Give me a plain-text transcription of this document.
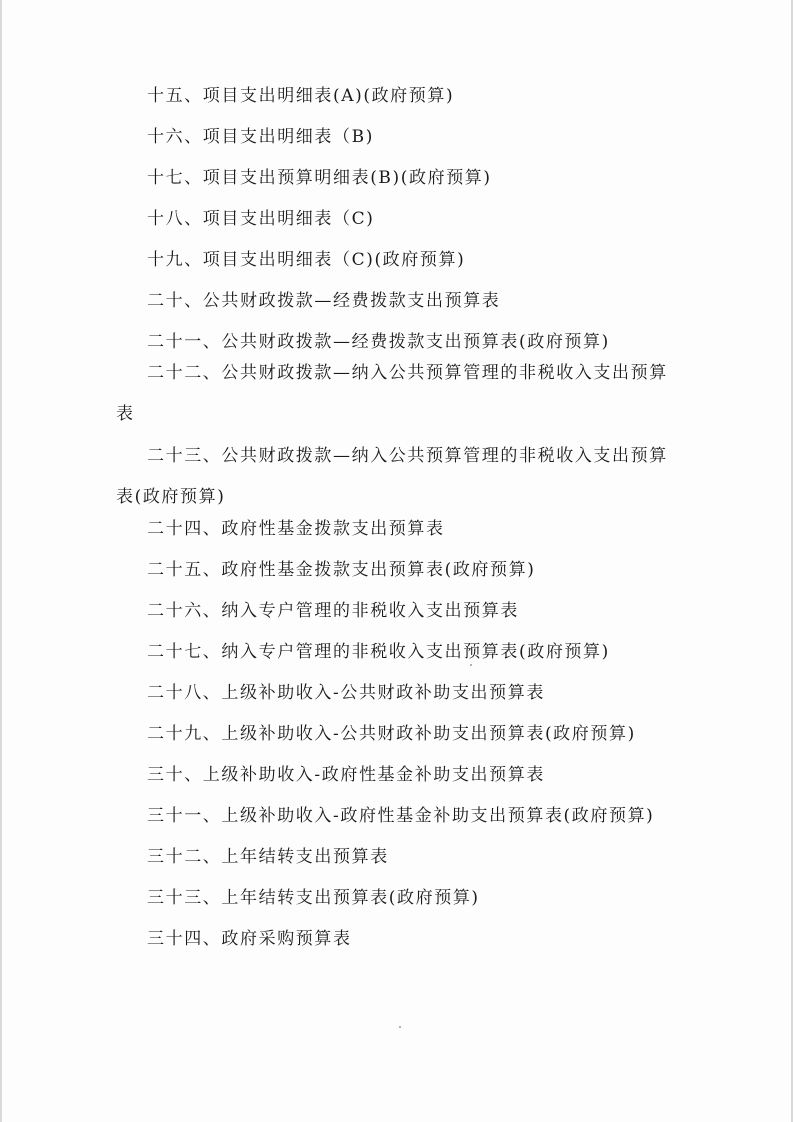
十五、项目支出明细表(A)(政府预算)
十六、项目支出明细表（B)
十七、项目支出预算明细表(B)(政府预算)
十八、项目支出明细表（C)
十九、项目支出明细表（C)(政府预算)
二十、公共财政拨款—经费拨款支出预算表
二十一、公共财政拨款—经费拨款支出预算表(政府预算)
二十二、公共财政拨款—纳入公共预算管理的非税收入支出预算表
二十三、公共财政拨款—纳入公共预算管理的非税收入支出预算表(政府预算)
二十四、政府性基金拨款支出预算表
二十五、政府性基金拨款支出预算表(政府预算)
二十六、纳入专户管理的非税收入支出预算表
二十七、纳入专户管理的非税收入支出预算表(政府预算)
二十八、上级补助收入-公共财政补助支出预算表
二十九、上级补助收入-公共财政补助支出预算表(政府预算)
三十、上级补助收入-政府性基金补助支出预算表
三十一、上级补助收入-政府性基金补助支出预算表(政府预算)
三十二、上年结转支出预算表
三十三、上年结转支出预算表(政府预算)
三十四、政府采购预算表
